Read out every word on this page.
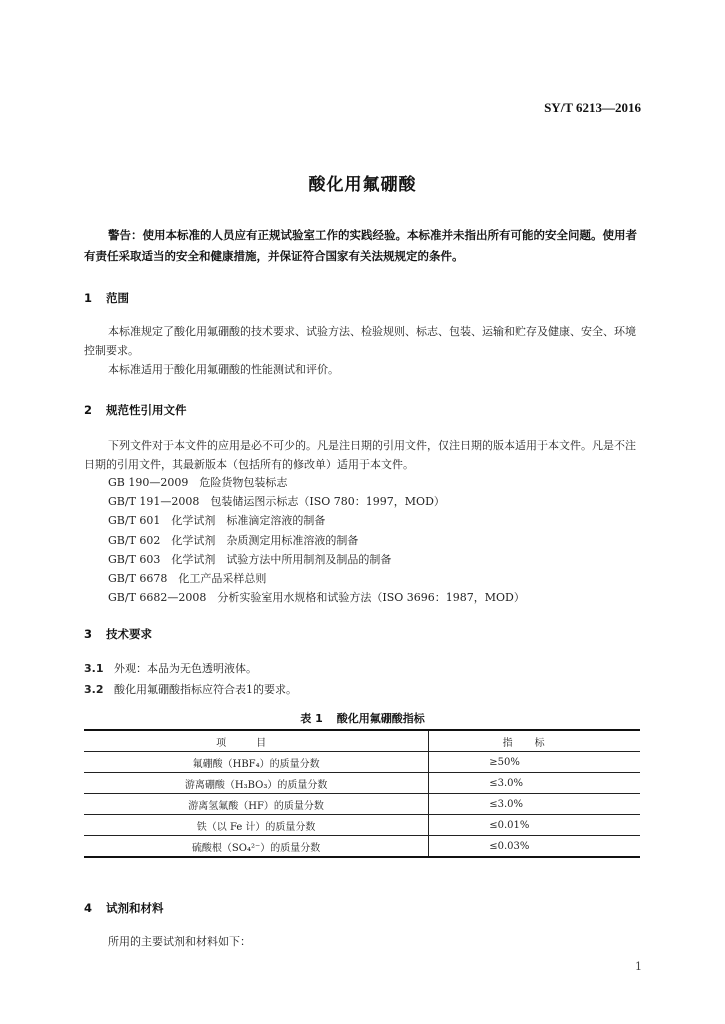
SY/T 6213—2016
酸化用氟硼酸
警告：使用本标准的人员应有正规试验室工作的实践经验。本标准并未指出所有可能的安全问题。使用者有责任采取适当的安全和健康措施，并保证符合国家有关法规规定的条件。
1 范围
本标准规定了酸化用氟硼酸的技术要求、试验方法、检验规则、标志、包装、运输和贮存及健康、安全、环境控制要求。
本标准适用于酸化用氟硼酸的性能测试和评价。
2 规范性引用文件
下列文件对于本文件的应用是必不可少的。凡是注日期的引用文件，仅注日期的版本适用于本文件。凡是不注日期的引用文件，其最新版本（包括所有的修改单）适用于本文件。
GB 190—2009　危险货物包装标志
GB/T 191—2008　包装储运图示标志（ISO 780：1997，MOD）
GB/T 601　化学试剂　标准滴定溶液的制备
GB/T 602　化学试剂　杂质测定用标准溶液的制备
GB/T 603　化学试剂　试验方法中所用制剂及制品的制备
GB/T 6678　化工产品采样总则
GB/T 6682—2008　分析实验室用水规格和试验方法（ISO 3696：1987，MOD）
3 技术要求
3.1 外观：本品为无色透明液体。
3.2 酸化用氟硼酸指标应符合表1的要求。
表 1 酸化用氟硼酸指标
项目	指标
氟硼酸（HBF₄）的质量分数	≥50%
游离硼酸（H₃BO₃）的质量分数	≤3.0%
游离氢氟酸（HF）的质量分数	≤3.0%
铁（以 Fe 计）的质量分数	≤0.01%
硫酸根（SO₄²⁻）的质量分数	≤0.03%
4 试剂和材料
所用的主要试剂和材料如下：
1
